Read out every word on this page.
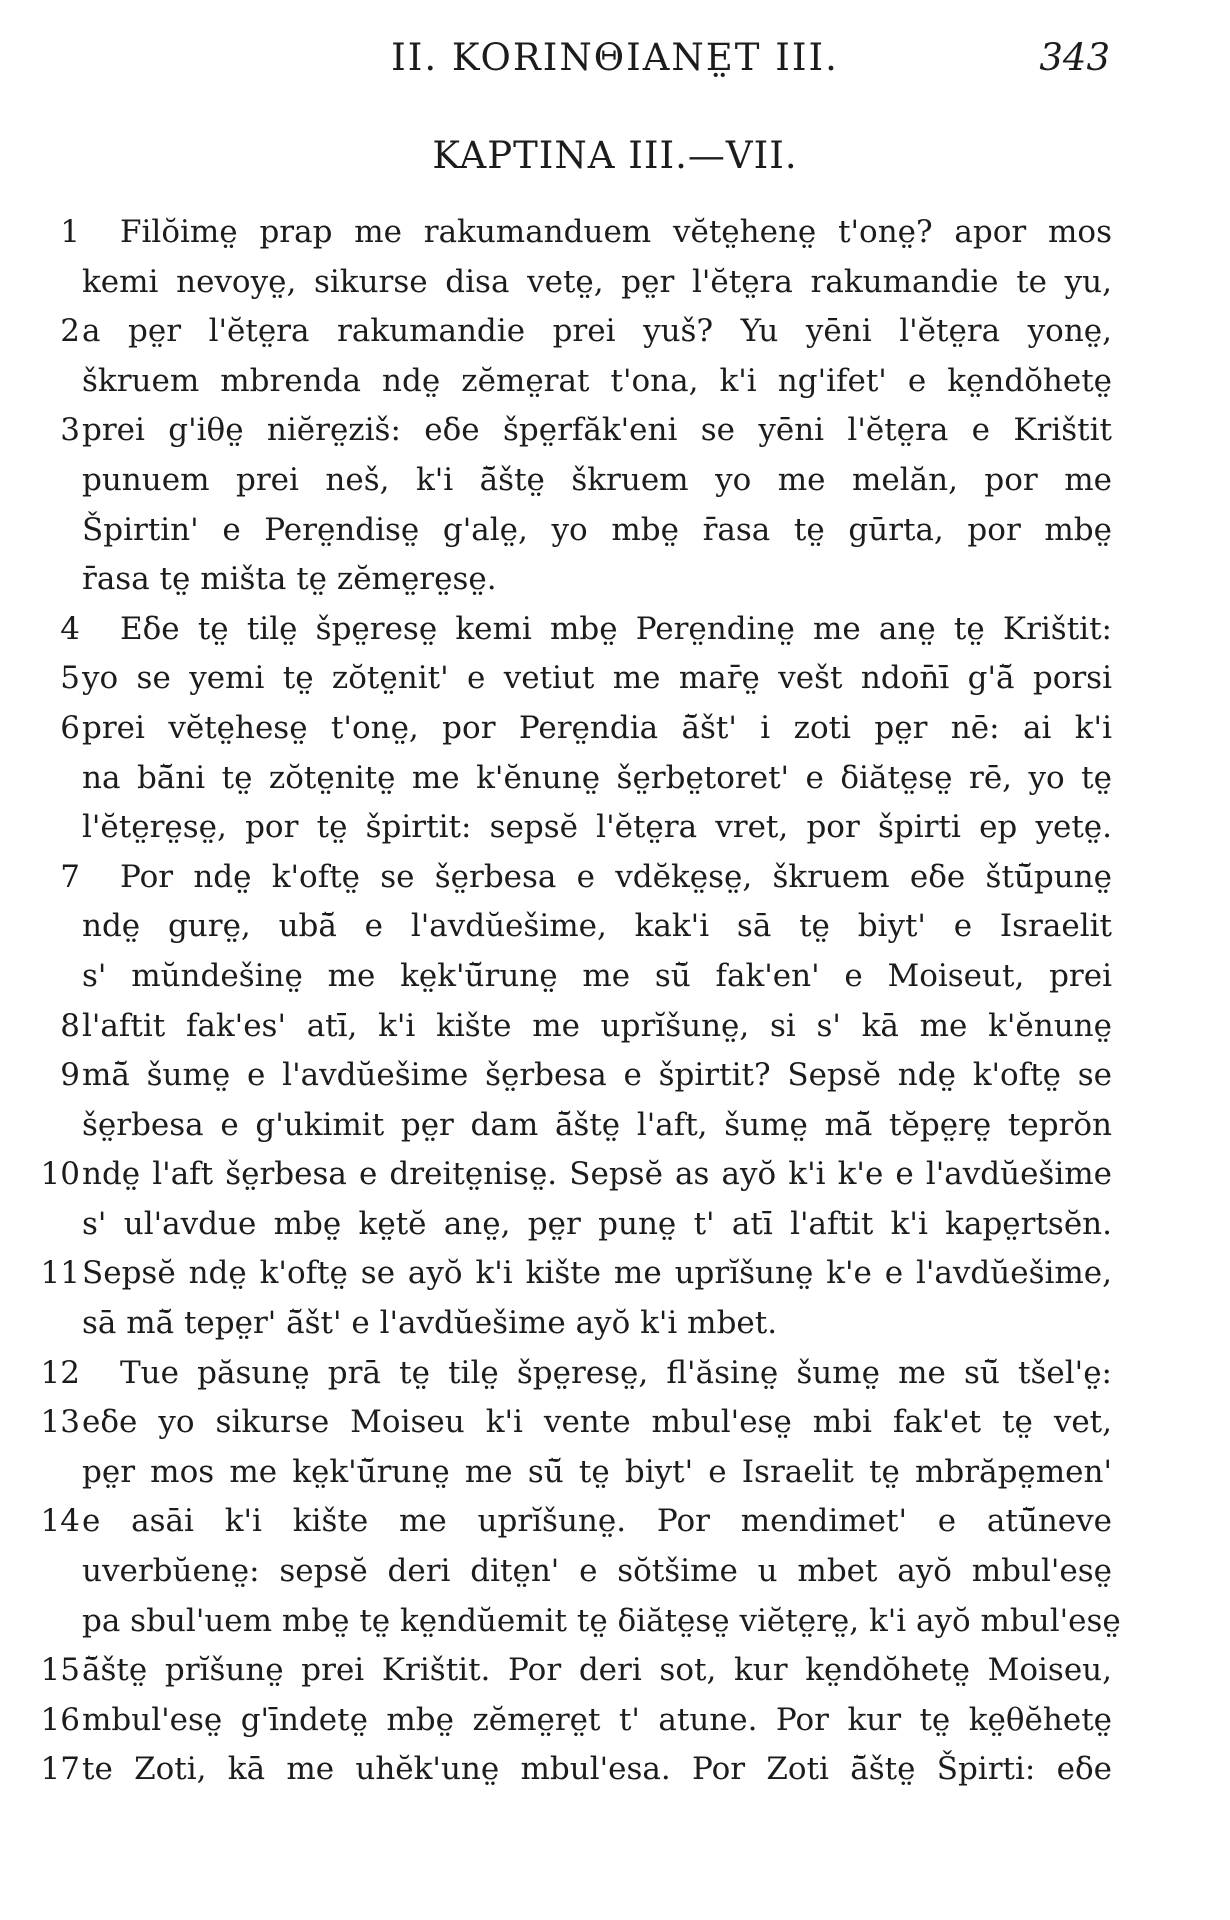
II. KORINΘIANE̤T III.	343
KAPTINA III.—VII.
1 Filŏime̤ prap me rakumanduem vĕte̤hene̤ t'one̤? apor mos
kemi nevoye̤, sikurse disa vete̤, pe̤r l'ĕte̤ra rakumandie te yu,
2 a pe̤r l'ĕte̤ra rakumandie prei yuš? Yu yēni l'ĕte̤ra yone̤,
škruem mbrenda nde̤ zĕme̤rat t'ona, k'i ng'ifet' e ke̤ndŏhete̤
3 prei g'iθe̤ niĕre̤ziš: eδe špe̤rfăk'eni se yēni l'ĕte̤ra e Krištit
punuem prei neš, k'i ā̆šte̤ škruem yo me melăn, por me
Špirtin' e Pere̤ndise̤ g'ale̤, yo mbe̤ r̄asa te̤ gūrta, por mbe̤
r̄asa te̤ mišta te̤ zĕme̤re̤se̤.
4 Eδe te̤ tile̤ špe̤rese̤ kemi mbe̤ Pere̤ndine̤ me ane̤ te̤ Krištit:
5 yo se yemi te̤ zŏte̤nit' e vetiut me mar̄e̤ vešt ndon̄ī g'ā̆ porsi
6 prei vĕte̤hese̤ t'one̤, por Pere̤ndia ā̆št' i zoti pe̤r nē: ai k'i
na bā̆ni te̤ zŏte̤nite̤ me k'ĕnune̤ še̤rbe̤toret' e δiăte̤se̤ rē, yo te̤
l'ĕte̤re̤se̤, por te̤ špirtit: sepsĕ l'ĕte̤ra vret, por špirti ep yete̤.
7 Por nde̤ k'ofte̤ se še̤rbesa e vdĕke̤se̤, škruem eδe štū̆pune̤
nde̤ gure̤, ubā̆ e l'avdŭešime, kak'i sā te̤ biyt' e Israelit
s' mŭndešine̤ me ke̤k'ū̆rune̤ me sū̆ fak'en' e Moiseut, prei
8 l'aftit fak'es' atī, k'i kište me uprĭšune̤, si s' kā me k'ĕnune̤
9 mā̆ šume̤ e l'avdŭešime še̤rbesa e špirtit? Sepsĕ nde̤ k'ofte̤ se
še̤rbesa e g'ukimit pe̤r dam ā̆šte̤ l'aft, šume̤ mā̆ tĕpe̤re̤ teprŏn
10 nde̤ l'aft še̤rbesa e dreite̤nise̤. Sepsĕ as ayŏ k'i k'e e l'avdŭešime
s' ul'avdue mbe̤ ke̤tĕ ane̤, pe̤r pune̤ t' atī l'aftit k'i kape̤rtsĕn.
11 Sepsĕ nde̤ k'ofte̤ se ayŏ k'i kište me uprĭšune̤ k'e e l'avdŭešime,
sā mā̆ tepe̤r' ā̆št' e l'avdŭešime ayŏ k'i mbet.
12 Tue păsune̤ prā te̤ tile̤ špe̤rese̤, fl'ăsine̤ šume̤ me sū̆ tšel'e̤:
13 eδe yo sikurse Moiseu k'i vente mbul'ese̤ mbi fak'et te̤ vet,
pe̤r mos me ke̤k'ū̆rune̤ me sū̆ te̤ biyt' e Israelit te̤ mbrăpe̤men'
14 e asāi k'i kište me uprĭšune̤. Por mendimet' e atū̆neve
uverbŭene̤: sepsĕ deri dite̤n' e sŏtšime u mbet ayŏ mbul'ese̤
pa sbul'uem mbe̤ te̤ ke̤ndŭemit te̤ δiăte̤se̤ viĕte̤re̤, k'i ayŏ mbul'ese̤
15 ā̆šte̤ prĭšune̤ prei Krištit. Por deri sot, kur ke̤ndŏhete̤ Moiseu,
16 mbul'ese̤ g'īndete̤ mbe̤ zĕme̤re̤t t' atune. Por kur te̤ ke̤θĕhete̤
17 te Zoti, kā me uhĕk'une̤ mbul'esa. Por Zoti ā̆šte̤ Špirti: eδe
